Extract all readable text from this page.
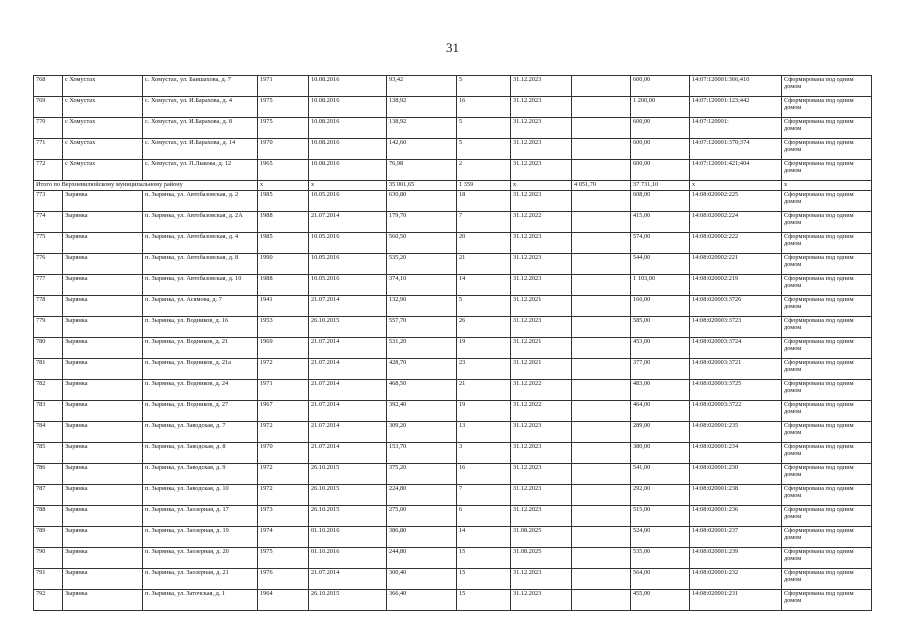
31
768	с Хомустах	с. Хомустах, ул. Баишахова, д. 7	1971	10.08.2016	93,42	5	31.12.2023		600,00	14:07:120001:366;410	Сформирована под одним домом
769	с Хомустах	с. Хомустах, ул. И.Барахова, д. 4	1975	10.08.2016	138,92	16	31.12.2023		1 200,00	14:07:120001:123;442	Сформирована под одним домом
770	с Хомустах	с. Хомустах, ул. И.Барахова, д. 8	1975	10.08.2016	138,92	5	31.12.2023		600,00	14:07:120001:	Сформирована под одним домом
771	с Хомустах	с. Хомустах, ул. И.Барахова, д. 14	1970	10.08.2016	142,60	5	31.12.2023		600,00	14:07:120001:370;374	Сформирована под одним домом
772	с Хомустах	с. Хомустах, ул. П.Лыкова, д. 12	1965	10.08.2016	76,98	2	31.12.2023		600,00	14:07:120001:421;404	Сформирована под одним домом
Итого по Верхневилюйскому муниципальному району			x	x	35 001,65	1 359	x	4 051,70	37 731,10	x	x
773	Зырянка	п. Зырянка, ул. Автобазовская, д. 2	1985	10.05.2016	630,80	18	31.12.2023		608,00	14:08:020002:225	Сформирована под одним домом
774	Зырянка	п. Зырянка, ул. Автобазовская, д. 2А	1988	21.07.2014	179,70	7	31.12.2022		415,00	14:08:020002:224	Сформирована под одним домом
775	Зырянка	п. Зырянка, ул. Автобазовская, д. 4	1985	10.05.2016	560,50	20	31.12.2023		574,00	14:08:020002:222	Сформирована под одним домом
776	Зырянка	п. Зырянка, ул. Автобазовская, д. 8	1990	10.05.2016	535,20	21	31.12.2023		544,00	14:08:020002:221	Сформирована под одним домом
777	Зырянка	п. Зырянка, ул. Автобазовская, д. 10	1988	10.05.2016	374,10	14	31.12.2023		1 103,00	14:08:020002:219	Сформирована под одним домом
778	Зырянка	п. Зырянка, ул. Асямова, д. 7	1941	21.07.2014	132,90	5	31.12.2021		166,00	14:08:020003:3726	Сформирована под одним домом
779	Зырянка	п. Зырянка, ул. Водников, д. 16	1953	26.10.2015	557,70	26	31.12.2023		585,00	14:08:020003:3723	Сформирована под одним домом
780	Зырянка	п. Зырянка, ул. Водников, д. 21	1969	21.07.2014	531,20	19	31.12.2021		453,00	14:08:020003:3724	Сформирована под одним домом
781	Зырянка	п. Зырянка, ул. Водников, д. 21а	1972	21.07.2014	428,70	23	31.12.2021		377,00	14:08:020003:3721	Сформирована под одним домом
782	Зырянка	п. Зырянка, ул. Водников, д. 24	1971	21.07.2014	468,50	21	31.12.2022		483,00	14:08:020003:3725	Сформирована под одним домом
783	Зырянка	п. Зырянка, ул. Водников, д. 27	1967	21.07.2014	392,40	19	31.12.2022		464,00	14:08:020003:3722	Сформирована под одним домом
784	Зырянка	п. Зырянка, ул. Заводская, д. 7	1972	21.07.2014	309,20	13	31.12.2023		289,00	14:08:020001:235	Сформирована под одним домом
785	Зырянка	п. Зырянка, ул. Заводская, д. 8	1970	21.07.2014	153,70	3	31.12.2023		380,00	14:08:020001:234	Сформирована под одним домом
786	Зырянка	п. Зырянка, ул. Заводская, д. 9	1972	26.10.2015	375,20	16	31.12.2023		541,00	14:08:020001:230	Сформирована под одним домом
787	Зырянка	п. Зырянка, ул. Заводская, д. 10	1972	26.10.2015	224,80	7	31.12.2023		292,00	14:08:020001:238	Сформирована под одним домом
788	Зырянка	п. Зырянка, ул. Заозерная, д. 17	1973	26.10.2015	275,00	6	31.12.2023		515,00	14:08:020001:236	Сформирована под одним домом
789	Зырянка	п. Зырянка, ул. Заозерная, д. 19	1974	01.10.2016	386,80	14	31.08.2025		524,00	14:08:020001:237	Сформирована под одним домом
790	Зырянка	п. Зырянка, ул. Заозерная, д. 20	1975	01.10.2016	244,80	15	31.08.2025		535,00	14:08:020001:239	Сформирована под одним домом
791	Зырянка	п. Зырянка, ул. Заозерная, д. 21	1976	21.07.2014	300,40	15	31.12.2023		564,00	14:08:020001:232	Сформирована под одним домом
792	Зырянка	п. Зырянка, ул. Заточская, д. 1	1964	26.10.2015	366,40	15	31.12.2023		455,00	14:08:020001:231	Сформирована под одним домом
